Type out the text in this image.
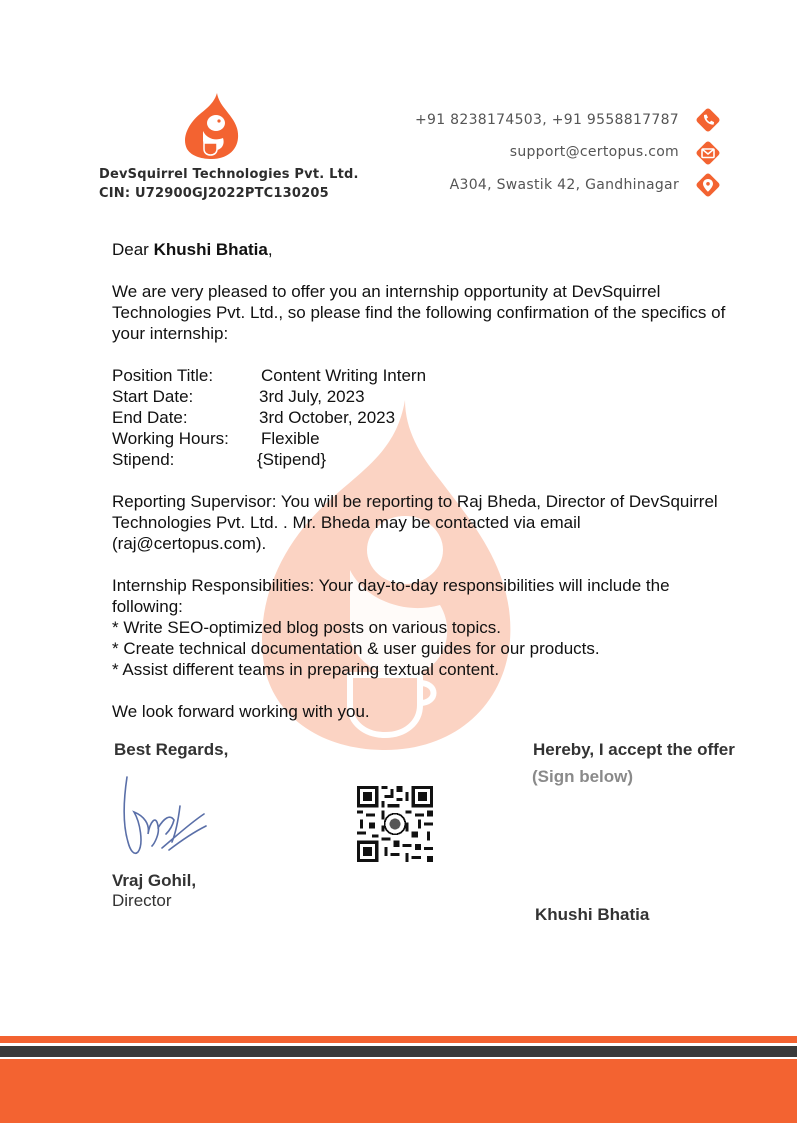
DevSquirrel Technologies Pvt. Ltd.
CIN: U72900GJ2022PTC130205
+91 8238174503, +91 9558817787
support@certopus.com
A304, Swastik 42, Gandhinagar
Dear Khushi Bhatia,
We are very pleased to offer you an internship opportunity at DevSquirrel Technologies Pvt. Ltd., so please find the following confirmation of the specifics of your internship:
Position Title:	Content Writing Intern
Start Date:	3rd July, 2023
End Date:	3rd October, 2023
Working Hours:	Flexible
Stipend:	{Stipend}
Reporting Supervisor: You will be reporting to Raj Bheda, Director of DevSquirrel Technologies Pvt. Ltd. . Mr. Bheda may be contacted via email (raj@certopus.com).
Internship Responsibilities: Your day-to-day responsibilities will include the following:
* Write SEO-optimized blog posts on various topics.
* Create technical documentation & user guides for our products.
* Assist different teams in preparing textual content.
We look forward working with you.
Best Regards,
Vraj Gohil,
Director
Hereby, I accept the offer
(Sign below)
Khushi Bhatia
